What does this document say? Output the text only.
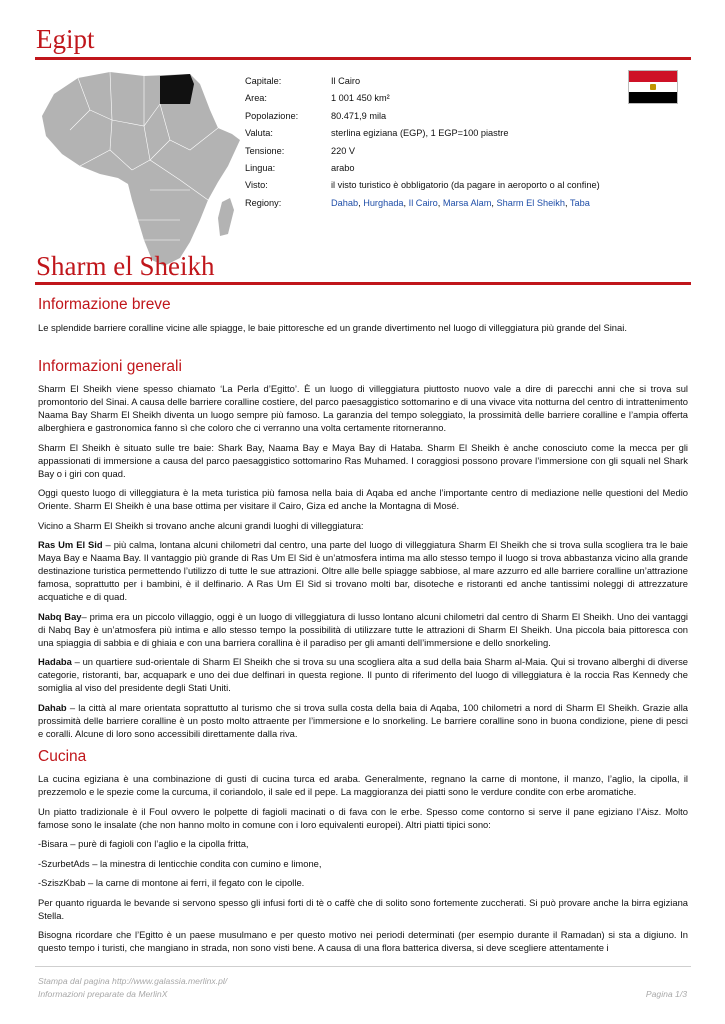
Egipt
Capitale:	Il Cairo
Area:	1 001 450 km²
Popolazione:	80.471,9 mila
Valuta:	sterlina egiziana (EGP), 1 EGP=100 piastre
Tensione:	220 V
Lingua:	arabo
Visto:	il visto turistico è obbligatorio (da pagare in aeroporto o al confine)
Regiony:	Dahab, Hurghada, Il Cairo, Marsa Alam, Sharm El Sheikh, Taba
Sharm el Sheikh
Informazione breve

Le splendide barriere coralline vicine alle spiagge, le baie pittoresche ed un grande divertimento nel luogo di villeggiatura più grande del Sinai.

Informazioni generali

Sharm El Sheikh viene spesso chiamato ‘La Perla d’Egitto’. È un luogo di villeggiatura piuttosto nuovo vale a dire di parecchi anni che si trova sul promontorio del Sinai. A causa delle barriere coralline costiere, del parco paesaggistico sottomarino e di una vivace vita notturna del centro di intrattenimento Naama Bay Sharm El Sheikh diventa un luogo sempre più famoso. La garanzia del tempo soleggiato, la prossimità delle barriere coralline e l’ampia offerta alberghiera e gastronomica fanno sì che coloro che ci verranno una volta certamente ritorneranno.

Sharm El Sheikh è situato sulle tre baie: Shark Bay, Naama Bay e Maya Bay di Hataba. Sharm El Sheikh è anche conosciuto come la mecca per gli appassionati di immersione a causa del parco paesaggistico sottomarino Ras Muhamed. I coraggiosi possono provare l’immersione con gli squali nel Shark Bay o i giri con quad.

Oggi questo luogo di villeggiatura è la meta turistica più famosa nella baia di Aqaba ed anche l’importante centro di mediazione nelle questioni del Medio Oriente. Sharm El Sheikh è una base ottima per visitare il Cairo, Giza ed anche la Montagna di Mosé.

Vicino a Sharm El Sheikh si trovano anche alcuni grandi luoghi di villeggiatura:

Ras Um El Sid – più calma, lontana alcuni chilometri dal centro, una parte del luogo di villeggiatura Sharm El Sheikh che si trova sulla scogliera tra le baie Maya Bay e Naama Bay. Il vantaggio più grande di Ras Um El Sid è un’atmosfera intima ma allo stesso tempo il luogo si trova abbastanza vicino alla grande destinazione turistica permettendo l’utilizzo di tutte le sue attrazioni. Oltre alle belle spiagge sabbiose, al mare azzurro ed alle barriere coralline un’attrazione famosa, soprattutto per i bambini, è il delfinario. A Ras Um El Sid si trovano molti bar, disoteche e ristoranti ed anche tantissimi noleggi di attrezzature acquatiche e di quad.

Nabq Bay– prima era un piccolo villaggio, oggi è un luogo di villeggiatura di lusso lontano alcuni chilometri dal centro di Sharm El Sheikh. Uno dei vantaggi di Nabq Bay è un’atmosfera più intima e allo stesso tempo la possibilità di utilizzare tutte le attrazioni di Sharm El Sheikh. Una piccola baia pittoresca con una spiaggia di sabbia e di ghiaia e con una barriera corallina è il paradiso per gli amanti dell’immersione e dello snorkeling.

Hadaba – un quartiere sud-orientale di Sharm El Sheikh che si trova su una scogliera alta a sud della baia Sharm al-Maia. Qui si trovano alberghi di diverse categorie, ristoranti, bar, acquapark e uno dei due delfinari in questa regione. Il punto di riferimento del luogo di villeggiatura è la roccia Ras Kennedy che somiglia al viso del presidente degli Stati Uniti.

Dahab – la città al mare orientata soprattutto al turismo che si trova sulla costa della baia di Aqaba, 100 chilometri a nord di Sharm El Sheikh. Grazie alla prossimità delle barriere coralline è un posto molto attraente per l’immersione e lo snorkeling. Le barriere coralline sono in buona condizione, piene di pesci e coralli. Alcune di loro sono accessibili direttamente dalla riva.

Cucina

La cucina egiziana è una combinazione di gusti di cucina turca ed araba. Generalmente, regnano la carne di montone, il manzo, l’aglio, la cipolla, il prezzemolo e le spezie come la curcuma, il coriandolo, il sale ed il pepe. La maggioranza dei piatti sono le verdure condite con erbe aromatiche.

Un piatto tradizionale è il Foul ovvero le polpette di fagioli macinati o di fava con le erbe. Spesso come contorno si serve il pane egiziano l’Aisz. Molto famose sono le insalate (che non hanno molto in comune con i loro equivalenti europei). Altri piatti tipici sono:

-Bisara – purè di fagioli con l’aglio e la cipolla fritta,

-SzurbetAds – la minestra di lenticchie condita con cumino e limone,

-SziszKbab – la carne di montone ai ferri, il fegato con le cipolle.

Per quanto riguarda le bevande si servono spesso gli infusi forti di tè o caffè che di solito sono fortemente zuccherati. Si può provare anche la birra egiziana Stella.

Bisogna ricordare che l’Egitto è un paese musulmano e per questo motivo nei periodi determinati (per esempio durante il Ramadan) si sta a digiuno. In questo tempo i turisti, che mangiano in strada, non sono visti bene. A causa di una flora batterica diversa, si deve scegliere attentamente i

Stampa dal pagina http://www.galassia.merlinx.pl/
Informazioni preparate da MerlinX	Pagina 1/3
